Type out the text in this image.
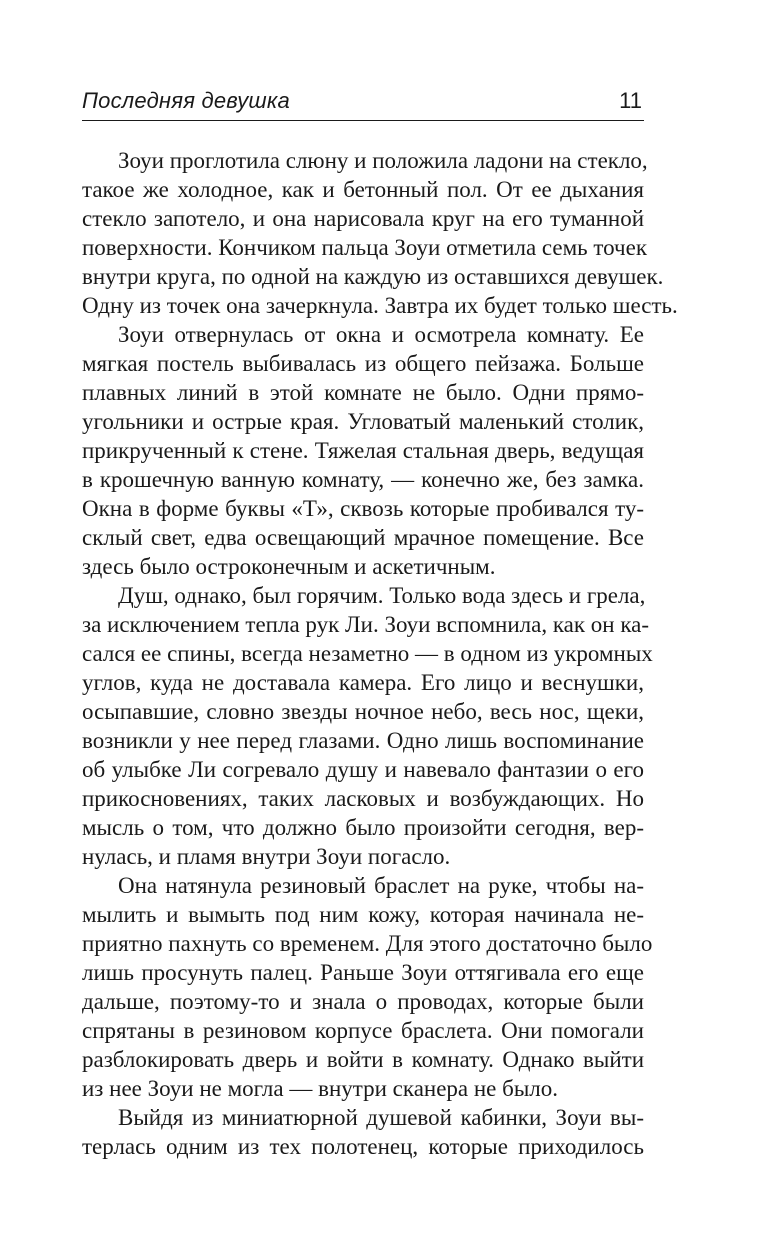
Последняя девушка	11
Зоуи проглотила слюну и положила ладони на стекло,
такое же холодное, как и бетонный пол. От ее дыхания
стекло запотело, и она нарисовала круг на его туманной
поверхности. Кончиком пальца Зоуи отметила семь точек
внутри круга, по одной на каждую из оставшихся девушек.
Одну из точек она зачеркнула. Завтра их будет только шесть.
Зоуи отвернулась от окна и осмотрела комнату. Ее
мягкая постель выбивалась из общего пейзажа. Больше
плавных линий в этой комнате не было. Одни прямо-
угольники и острые края. Угловатый маленький столик,
прикрученный к стене. Тяжелая стальная дверь, ведущая
в крошечную ванную комнату, — конечно же, без замка.
Окна в форме буквы «Т», сквозь которые пробивался ту-
склый свет, едва освещающий мрачное помещение. Все
здесь было остроконечным и аскетичным.
Душ, однако, был горячим. Только вода здесь и грела,
за исключением тепла рук Ли. Зоуи вспомнила, как он ка-
сался ее спины, всегда незаметно — в одном из укромных
углов, куда не доставала камера. Его лицо и веснушки,
осыпавшие, словно звезды ночное небо, весь нос, щеки,
возникли у нее перед глазами. Одно лишь воспоминание
об улыбке Ли согревало душу и навевало фантазии о его
прикосновениях, таких ласковых и возбуждающих. Но
мысль о том, что должно было произойти сегодня, вер-
нулась, и пламя внутри Зоуи погасло.
Она натянула резиновый браслет на руке, чтобы на-
мылить и вымыть под ним кожу, которая начинала не-
приятно пахнуть со временем. Для этого достаточно было
лишь просунуть палец. Раньше Зоуи оттягивала его еще
дальше, поэтому-то и знала о проводах, которые были
спрятаны в резиновом корпусе браслета. Они помогали
разблокировать дверь и войти в комнату. Однако выйти
из нее Зоуи не могла — внутри сканера не было.
Выйдя из миниатюрной душевой кабинки, Зоуи вы-
терлась одним из тех полотенец, которые приходилось
